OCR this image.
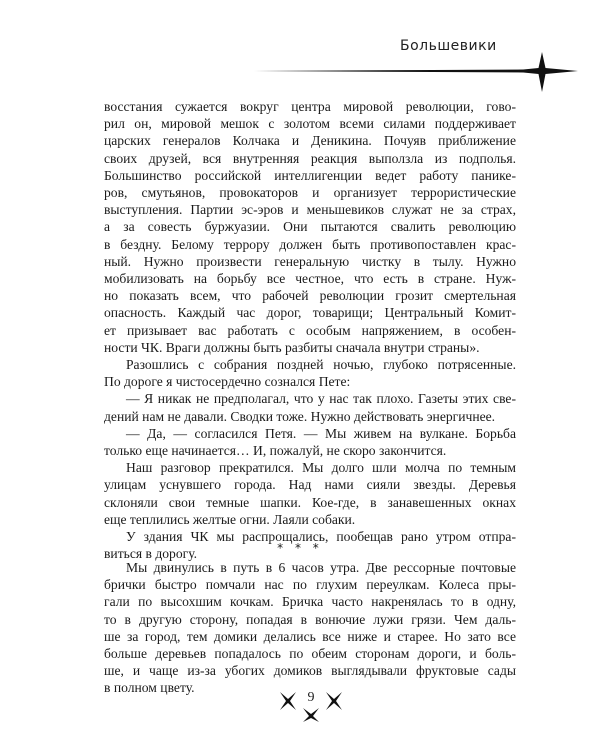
Большевики

восстания сужается вокруг центра мировой революции, гово-

рил он, мировой мешок с золотом всеми силами поддерживает

царских генералов Колчака и Деникина. Почуяв приближение

своих друзей, вся внутренняя реакция выползла из подполья.

Большинство российской интеллигенции ведет работу панике-

ров, смутьянов, провокаторов и организует террористические

выступления. Партии эс-эров и меньшевиков служат не за страх,

а за совесть буржуазии. Они пытаются свалить революцию

в бездну. Белому террору должен быть противопоставлен крас-

ный. Нужно произвести генеральную чистку в тылу. Нужно

мобилизовать на борьбу все честное, что есть в стране. Нуж-

но показать всем, что рабочей революции грозит смертельная

опасность. Каждый час дорог, товарищи; Центральный Комит-

ет призывает вас работать с особым напряжением, в особен-

ности ЧК. Враги должны быть разбиты сначала внутри страны».

Разошлись с собрания поздней ночью, глубоко потрясенные.

По дороге я чистосердечно сознался Пете:

— Я никак не предполагал, что у нас так плохо. Газеты этих све-

дений нам не давали. Сводки тоже. Нужно действовать энергичнее.

— Да, — согласился Петя. — Мы живем на вулкане. Борьба

только еще начинается… И, пожалуй, не скоро закончится.

Наш разговор прекратился. Мы долго шли молча по темным

улицам уснувшего города. Над нами сияли звезды. Деревья

склоняли свои темные шапки. Кое-где, в занавешенных окнах

еще теплились желтые огни. Лаяли собаки.

У здания ЧК мы распрощались, пообещав рано утром отпра-

виться в дорогу.	* * *

Мы двинулись в путь в 6 часов утра. Две рессорные почтовые

брички быстро помчали нас по глухим переулкам. Колеса пры-

гали по высохшим кочкам. Бричка часто накренялась то в одну,

то в другую сторону, попадая в вонючие лужи грязи. Чем даль-

ше за город, тем домики делались все ниже и старее. Но зато все

больше деревьев попадалось по обеим сторонам дороги, и боль-

ше, и чаще из-за убогих домиков выглядывали фруктовые сады

в полном цвету.

9
